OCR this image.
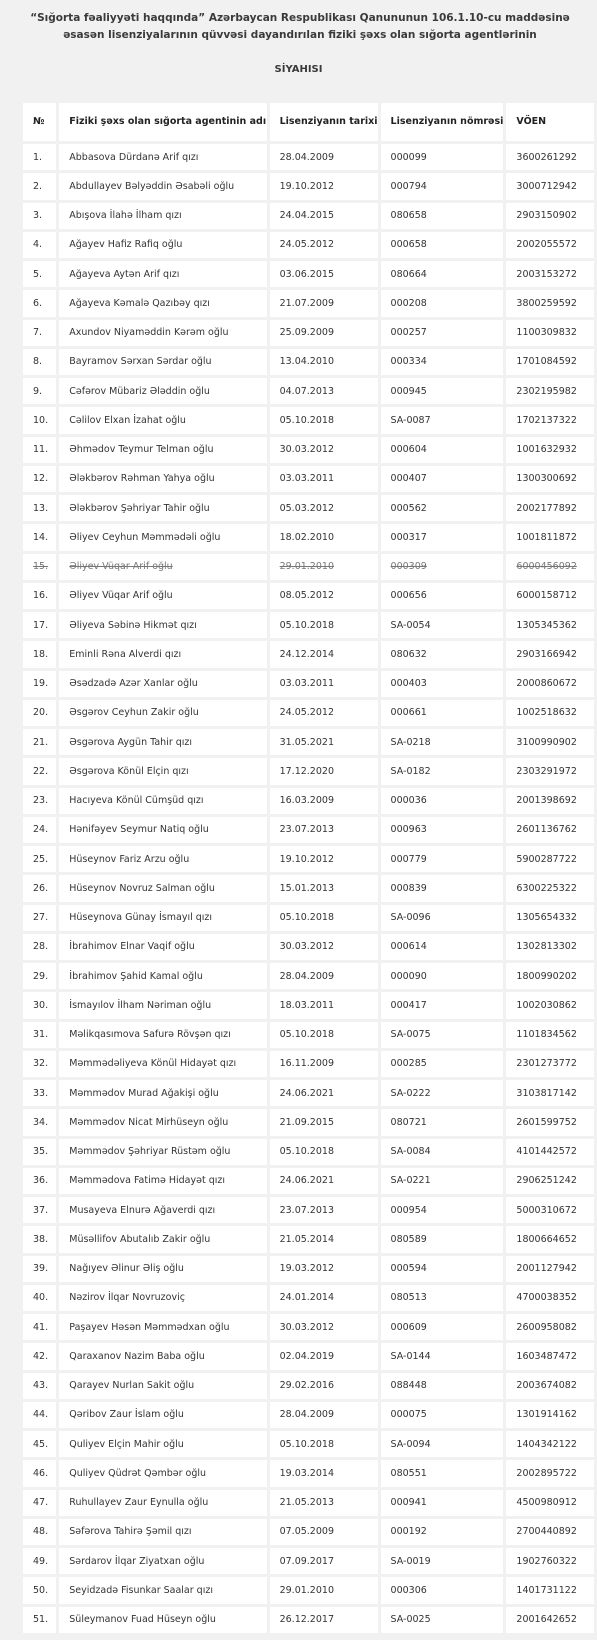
“Sığorta fəaliyyəti haqqında” Azərbaycan Respublikası Qanununun 106.1.10-cu maddəsinə əsasən lisenziyalarının qüvvəsi dayandırılan fiziki şəxs olan sığorta agentlərinin
SİYAHISI
№	Fiziki şəxs olan sığorta agentinin adı	Lisenziyanın tarixi	Lisenziyanın nömrəsi	VÖEN
1.	Abbasova Dürdanə Arif qızı	28.04.2009	000099	3600261292
2.	Abdullayev Bəlyəddin Əsabəli oğlu	19.10.2012	000794	3000712942
3.	Abışova İlahə İlham qızı	24.04.2015	080658	2903150902
4.	Ağayev Hafiz Rafiq oğlu	24.05.2012	000658	2002055572
5.	Ağayeva Aytən Arif qızı	03.06.2015	080664	2003153272
6.	Ağayeva Kəmalə Qazıbəy qızı	21.07.2009	000208	3800259592
7.	Axundov Niyaməddin Kərəm oğlu	25.09.2009	000257	1100309832
8.	Bayramov Sərxan Sərdar oğlu	13.04.2010	000334	1701084592
9.	Cəfərov Mübariz Ələddin oğlu	04.07.2013	000945	2302195982
10.	Cəlilov Elxan İzahat oğlu	05.10.2018	SA-0087	1702137322
11.	Əhmədov Teymur Telman oğlu	30.03.2012	000604	1001632932
12.	Ələkbərov Rəhman Yahya oğlu	03.03.2011	000407	1300300692
13.	Ələkbərov Şəhriyar Tahir oğlu	05.03.2012	000562	2002177892
14.	Əliyev Ceyhun Məmmədəli oğlu	18.02.2010	000317	1001811872
15.	Əliyev Vüqar Arif oğlu	29.01.2010	000309	6000456092
16.	Əliyev Vüqar Arif oğlu	08.05.2012	000656	6000158712
17.	Əliyeva Səbinə Hikmət qızı	05.10.2018	SA-0054	1305345362
18.	Eminli Rəna Alverdi qızı	24.12.2014	080632	2903166942
19.	Əsədzadə Azər Xanlar oğlu	03.03.2011	000403	2000860672
20.	Əsgərov Ceyhun Zakir oğlu	24.05.2012	000661	1002518632
21.	Əsgərova Aygün Tahir qızı	31.05.2021	SA-0218	3100990902
22.	Əsgərova Könül Elçin qızı	17.12.2020	SA-0182	2303291972
23.	Hacıyeva Könül Cümşüd qızı	16.03.2009	000036	2001398692
24.	Hənifəyev Seymur Natiq oğlu	23.07.2013	000963	2601136762
25.	Hüseynov Fariz Arzu oğlu	19.10.2012	000779	5900287722
26.	Hüseynov Novruz Salman oğlu	15.01.2013	000839	6300225322
27.	Hüseynova Günay İsmayıl qızı	05.10.2018	SA-0096	1305654332
28.	İbrahimov Elnar Vaqif oğlu	30.03.2012	000614	1302813302
29.	İbrahimov Şahid Kamal oğlu	28.04.2009	000090	1800990202
30.	İsmayılov İlham Nəriman oğlu	18.03.2011	000417	1002030862
31.	Məlikqasımova Safurə Rövşən qızı	05.10.2018	SA-0075	1101834562
32.	Məmmədəliyeva Könül Hidayət qızı	16.11.2009	000285	2301273772
33.	Məmmədov Murad Ağakişi oğlu	24.06.2021	SA-0222	3103817142
34.	Məmmədov Nicat Mirhüseyn oğlu	21.09.2015	080721	2601599752
35.	Məmmədov Şəhriyar Rüstəm oğlu	05.10.2018	SA-0084	4101442572
36.	Məmmədova Fatimə Hidayət qızı	24.06.2021	SA-0221	2906251242
37.	Musayeva Elnurə Ağaverdi qızı	23.07.2013	000954	5000310672
38.	Müsəllifov Abutalıb Zakir oğlu	21.05.2014	080589	1800664652
39.	Nağıyev Əlinur Əliş oğlu	19.03.2012	000594	2001127942
40.	Nəzirov İlqar Novruzoviç	24.01.2014	080513	4700038352
41.	Paşayev Həsən Məmmədxan oğlu	30.03.2012	000609	2600958082
42.	Qaraxanov Nazim Baba oğlu	02.04.2019	SA-0144	1603487472
43.	Qarayev Nurlan Sakit oğlu	29.02.2016	088448	2003674082
44.	Qəribov Zaur İslam oğlu	28.04.2009	000075	1301914162
45.	Quliyev Elçin Mahir oğlu	05.10.2018	SA-0094	1404342122
46.	Quliyev Qüdrət Qəmbər oğlu	19.03.2014	080551	2002895722
47.	Ruhullayev Zaur Eynulla oğlu	21.05.2013	000941	4500980912
48.	Səfərova Tahirə Şəmil qızı	07.05.2009	000192	2700440892
49.	Sərdarov İlqar Ziyatxan oğlu	07.09.2017	SA-0019	1902760322
50.	Seyidzadə Fisunkar Saalar qızı	29.01.2010	000306	1401731122
51.	Süleymanov Fuad Hüseyn oğlu	26.12.2017	SA-0025	2001642652
